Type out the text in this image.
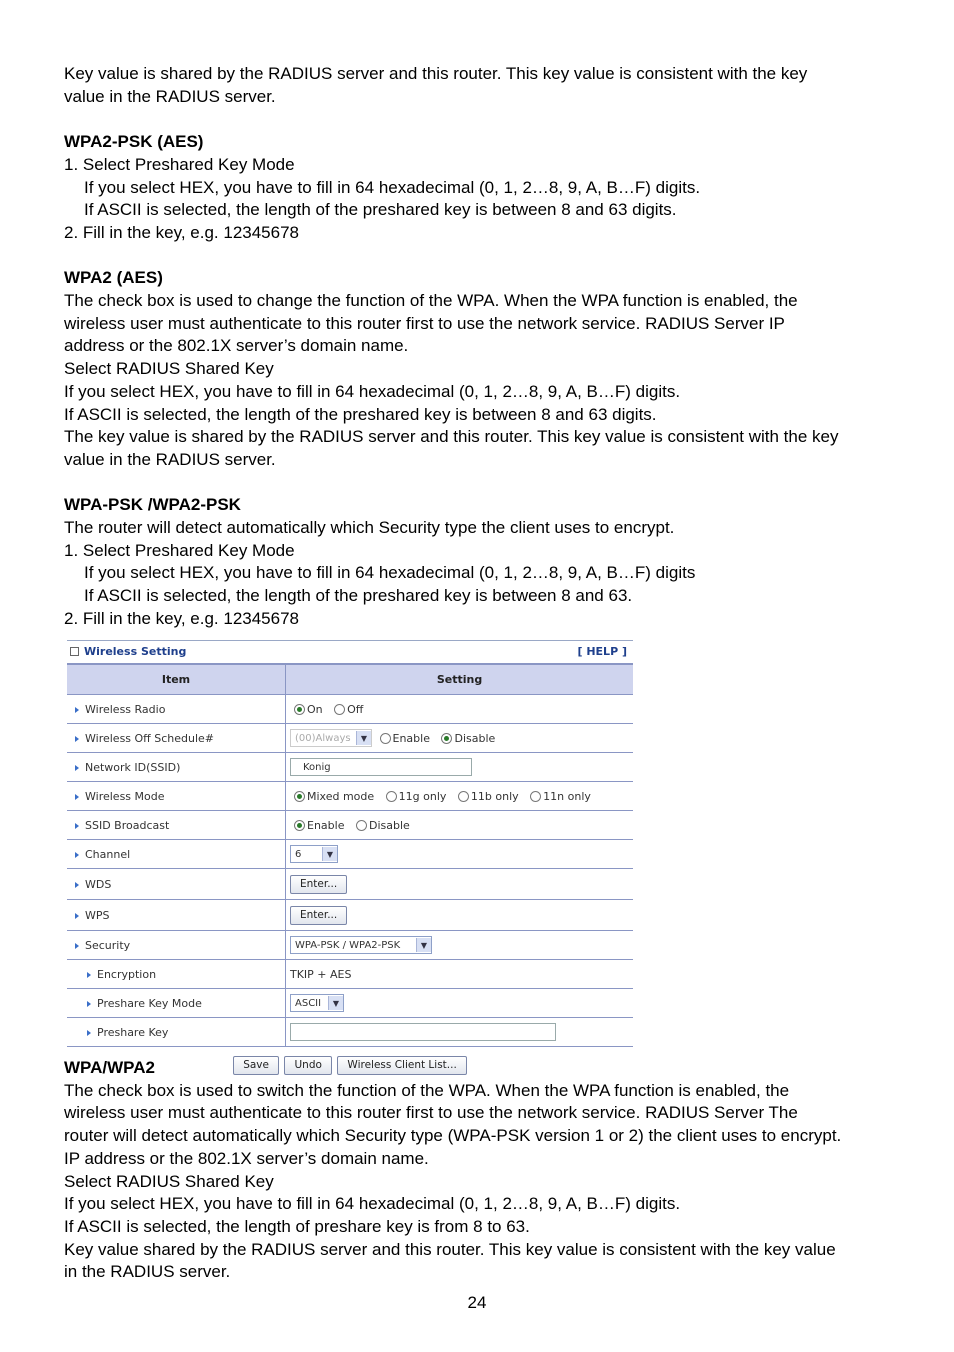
Key value is shared by the RADIUS server and this router. This key value is consistent with the key

value in the RADIUS server.

WPA2-PSK (AES)

1. Select Preshared Key Mode

If you select HEX, you have to fill in 64 hexadecimal (0, 1, 2…8, 9, A, B…F) digits.

If ASCII is selected, the length of the preshared key is between 8 and 63 digits.

2. Fill in the key, e.g. 12345678

WPA2 (AES)

The check box is used to change the function of the WPA. When the WPA function is enabled, the

wireless user must authenticate to this router first to use the network service. RADIUS Server IP

address or the 802.1X server’s domain name.

Select RADIUS Shared Key

If you select HEX, you have to fill in 64 hexadecimal (0, 1, 2…8, 9, A, B…F) digits.

If ASCII is selected, the length of the preshared key is between 8 and 63 digits.

The key value is shared by the RADIUS server and this router. This key value is consistent with the key

value in the RADIUS server.

WPA-PSK /WPA2-PSK

The router will detect automatically which Security type the client uses to encrypt.

1. Select Preshared Key Mode

If you select HEX, you have to fill in 64 hexadecimal (0, 1, 2…8, 9, A, B…F) digits

If ASCII is selected, the length of the preshared key is between 8 and 63.

2. Fill in the key, e.g. 12345678

Wireless Setting	[ HELP ]
Item	Setting
Wireless Radio	On Off
Wireless Off Schedule#	(00)Always ▼ Enable Disable
Network ID(SSID)	Konig
Wireless Mode	Mixed mode 11g only 11b only 11n only
SSID Broadcast	Enable Disable
Channel	6 ▼

WDS	Enter...
WPS	Enter...
Security	WPA-PSK / WPA2-PSK ▼

Encryption	TKIP + AES
Preshare Key Mode	ASCII ▼

Preshare Key	
Save Undo Wireless Client List...
WPA/WPA2

The check box is used to switch the function of the WPA. When the WPA function is enabled, the

wireless user must authenticate to this router first to use the network service. RADIUS Server The

router will detect automatically which Security type (WPA-PSK version 1 or 2) the client uses to encrypt.

IP address or the 802.1X server’s domain name.

Select RADIUS Shared Key

If you select HEX, you have to fill in 64 hexadecimal (0, 1, 2…8, 9, A, B…F) digits.

If ASCII is selected, the length of preshare key is from 8 to 63.

Key value shared by the RADIUS server and this router. This key value is consistent with the key value

in the RADIUS server.

24
